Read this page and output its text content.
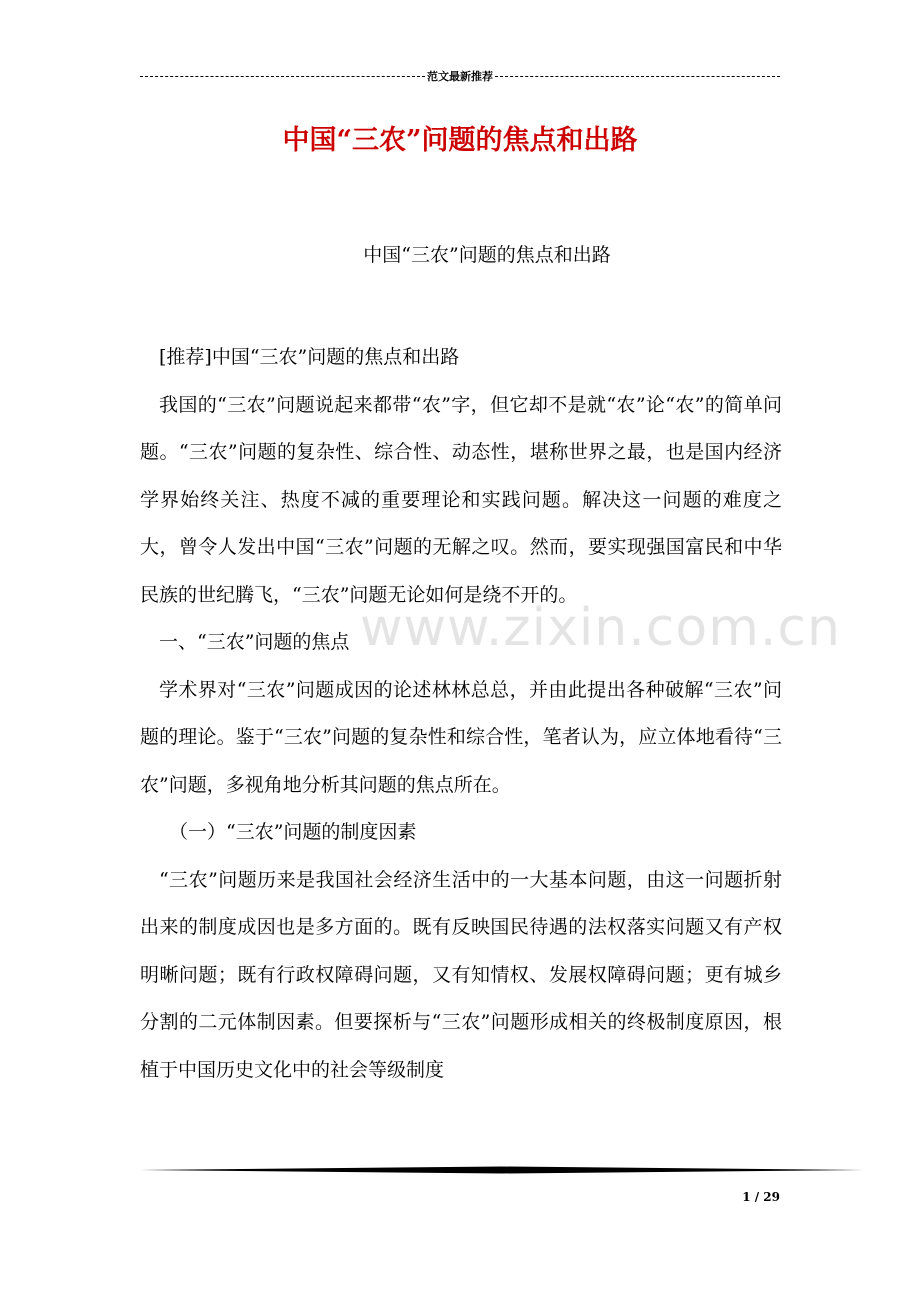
范文最新推荐
中国“三农”问题的焦点和出路
中国“三农”问题的焦点和出路

[推荐]中国“三农”问题的焦点和出路

我国的“三农”问题说起来都带“农”字，但它却不是就“农”论“农”的简单问题。“三农”问题的复杂性、综合性、动态性，堪称世界之最，也是国内经济学界始终关注、热度不减的重要理论和实践问题。解决这一问题的难度之大，曾令人发出中国“三农”问题的无解之叹。然而，要实现强国富民和中华民族的世纪腾飞，“三农”问题无论如何是绕不开的。

一、“三农”问题的焦点

学术界对“三农”问题成因的论述林林总总，并由此提出各种破解“三农”问题的理论。鉴于“三农”问题的复杂性和综合性，笔者认为，应立体地看待“三农”问题，多视角地分析其问题的焦点所在。

（一）“三农”问题的制度因素

“三农”问题历来是我国社会经济生活中的一大基本问题，由这一问题折射出来的制度成因也是多方面的。既有反映国民待遇的法权落实问题又有产权明晰问题；既有行政权障碍问题，又有知情权、发展权障碍问题；更有城乡分割的二元体制因素。但要探析与“三农”问题形成相关的终极制度原因，根植于中国历史文化中的社会等级制度

www.zixin.com.cn
1 / 29
